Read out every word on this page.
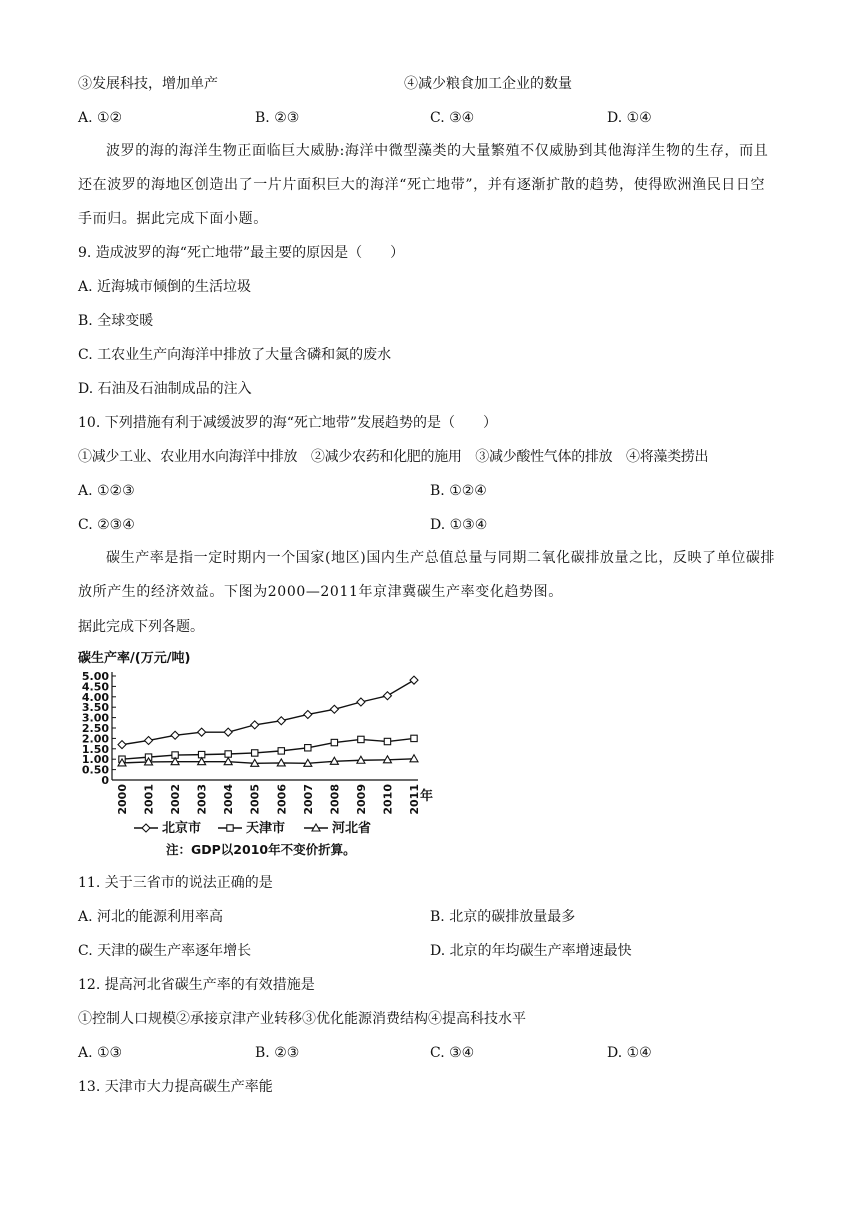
③发展科技，增加单产	④减少粮食加工企业的数量
A. ①②	B. ②③	C. ③④	D. ①④
波罗的海的海洋生物正面临巨大威胁:海洋中微型藻类的大量繁殖不仅威胁到其他海洋生物的生存，而且还在波罗的海地区创造出了一片片面积巨大的海洋“死亡地带”，并有逐渐扩散的趋势，使得欧洲渔民日日空手而归。据此完成下面小题。
9. 造成波罗的海“死亡地带”最主要的原因是（　　）
A. 近海城市倾倒的生活垃圾
B. 全球变暖
C. 工农业生产向海洋中排放了大量含磷和氮的废水
D. 石油及石油制成品的注入
10. 下列措施有利于减缓波罗的海“死亡地带”发展趋势的是（　　）
①减少工业、农业用水向海洋中排放　②减少农药和化肥的施用　③减少酸性气体的排放　④将藻类捞出
A. ①②③	B. ①②④
C. ②③④	D. ①③④
碳生产率是指一定时期内一个国家(地区)国内生产总值总量与同期二氧化碳排放量之比，反映了单位碳排放所产生的经济效益。下图为2000—2011年京津冀碳生产率变化趋势图。
据此完成下列各题。
碳生产率/(万元/吨)
5.00
4.50
4.00
3.50
3.00
2.50
2.00
1.50
1.00
0.50
0
2000 2001 2002 2003 2004 2005 2006 2007 2008 2009 2010 2011 年
北京市	天津市	河北省
注：GDP以2010年不变价折算。
11. 关于三省市的说法正确的是
A. 河北的能源利用率高	B. 北京的碳排放量最多
C. 天津的碳生产率逐年增长	D. 北京的年均碳生产率增速最快
12. 提高河北省碳生产率的有效措施是
①控制人口规模②承接京津产业转移③优化能源消费结构④提高科技水平
A. ①③	B. ②③	C. ③④	D. ①④
13. 天津市大力提高碳生产率能
